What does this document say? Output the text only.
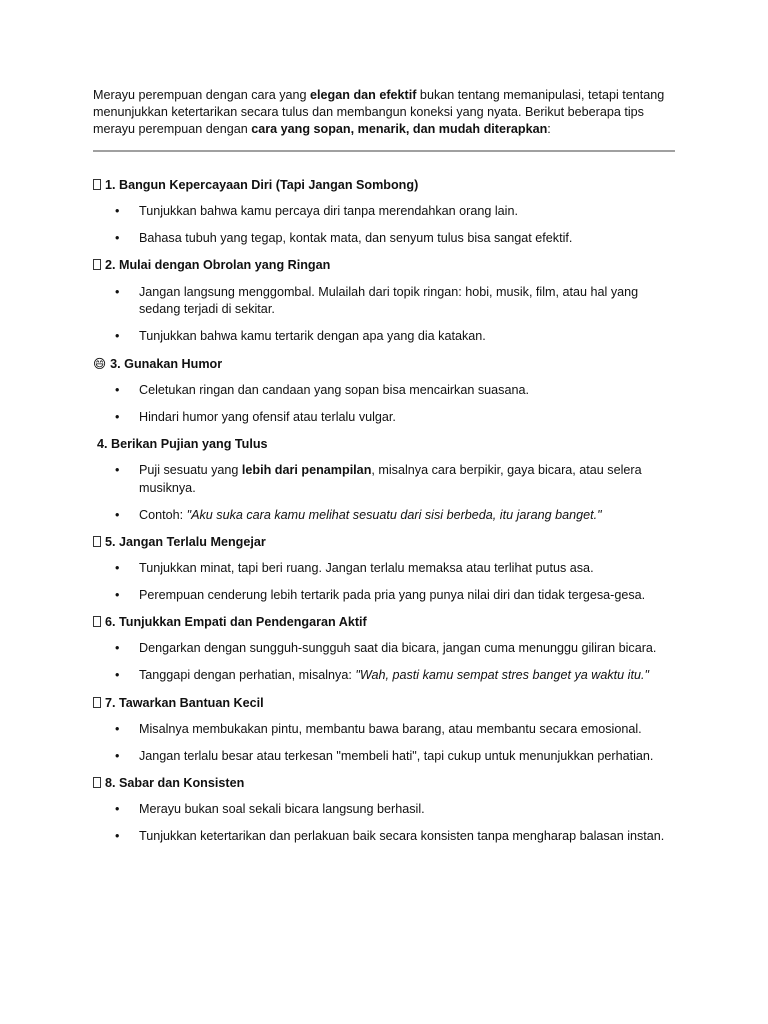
Merayu perempuan dengan cara yang elegan dan efektif bukan tentang memanipulasi, tetapi tentang menunjukkan ketertarikan secara tulus dan membangun koneksi yang nyata. Berikut beberapa tips merayu perempuan dengan cara yang sopan, menarik, dan mudah diterapkan:

1. Bangun Kepercayaan Diri (Tapi Jangan Sombong)
• Tunjukkan bahwa kamu percaya diri tanpa merendahkan orang lain.
• Bahasa tubuh yang tegap, kontak mata, dan senyum tulus bisa sangat efektif.
2. Mulai dengan Obrolan yang Ringan
• Jangan langsung menggombal. Mulailah dari topik ringan: hobi, musik, film, atau hal yang sedang terjadi di sekitar.
• Tunjukkan bahwa kamu tertarik dengan apa yang dia katakan.
😄 3. Gunakan Humor
• Celetukan ringan dan candaan yang sopan bisa mencairkan suasana.
• Hindari humor yang ofensif atau terlalu vulgar.
4. Berikan Pujian yang Tulus
• Puji sesuatu yang lebih dari penampilan, misalnya cara berpikir, gaya bicara, atau selera musiknya.
• Contoh: "Aku suka cara kamu melihat sesuatu dari sisi berbeda, itu jarang banget."
5. Jangan Terlalu Mengejar
• Tunjukkan minat, tapi beri ruang. Jangan terlalu memaksa atau terlihat putus asa.
• Perempuan cenderung lebih tertarik pada pria yang punya nilai diri dan tidak tergesa-gesa.
6. Tunjukkan Empati dan Pendengaran Aktif
• Dengarkan dengan sungguh-sungguh saat dia bicara, jangan cuma menunggu giliran bicara.
• Tanggapi dengan perhatian, misalnya: "Wah, pasti kamu sempat stres banget ya waktu itu."
7. Tawarkan Bantuan Kecil
• Misalnya membukakan pintu, membantu bawa barang, atau membantu secara emosional.
• Jangan terlalu besar atau terkesan "membeli hati", tapi cukup untuk menunjukkan perhatian.
8. Sabar dan Konsisten
• Merayu bukan soal sekali bicara langsung berhasil.
• Tunjukkan ketertarikan dan perlakuan baik secara konsisten tanpa mengharap balasan instan.
